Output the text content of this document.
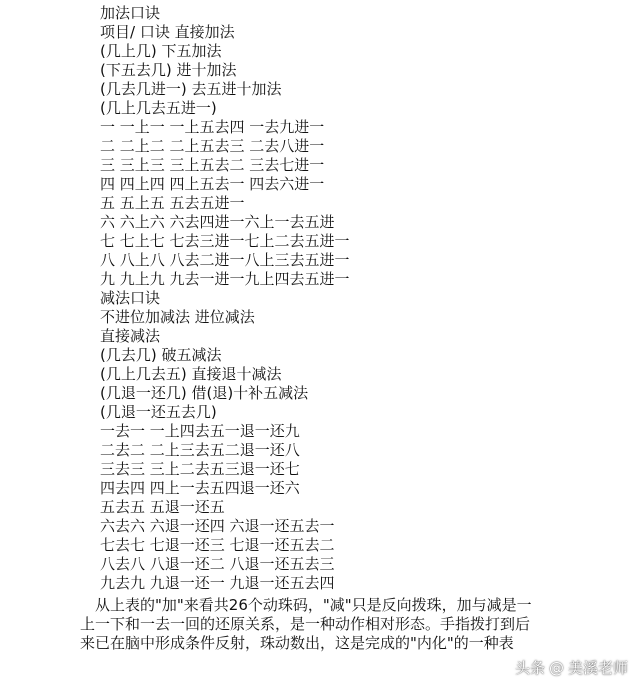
加法口诀
项目/ 口诀 直接加法
(几上几) 下五加法
(下五去几) 进十加法
(几去几进一) 去五进十加法
(几上几去五进一)
一 一上一 一上五去四 一去九进一
二 二上二 二上五去三 二去八进一
三 三上三 三上五去二 三去七进一
四 四上四 四上五去一 四去六进一
五 五上五 五去五进一
六 六上六 六去四进一六上一去五进
七 七上七 七去三进一七上二去五进一
八 八上八 八去二进一八上三去五进一
九 九上九 九去一进一九上四去五进一
减法口诀
不进位加减法 进位减法
直接减法
(几去几) 破五减法
(几上几去五) 直接退十减法
(几退一还几) 借(退)十补五减法
(几退一还五去几)
一去一 一上四去五一退一还九
二去二 二上三去五二退一还八
三去三 三上二去五三退一还七
四去四 四上一去五四退一还六
五去五 五退一还五
六去六 六退一还四 六退一还五去一
七去七 七退一还三 七退一还五去二
八去八 八退一还二 八退一还五去三
九去九 九退一还一 九退一还五去四
　从上表的"加"来看共26个动珠码，"减"只是反向拨珠，加与减是一
上一下和一去一回的还原关系，是一种动作相对形态。手指拨打到后
来已在脑中形成条件反射，珠动数出，这是完成的"内化"的一种表
头条 @ 美溪老师
